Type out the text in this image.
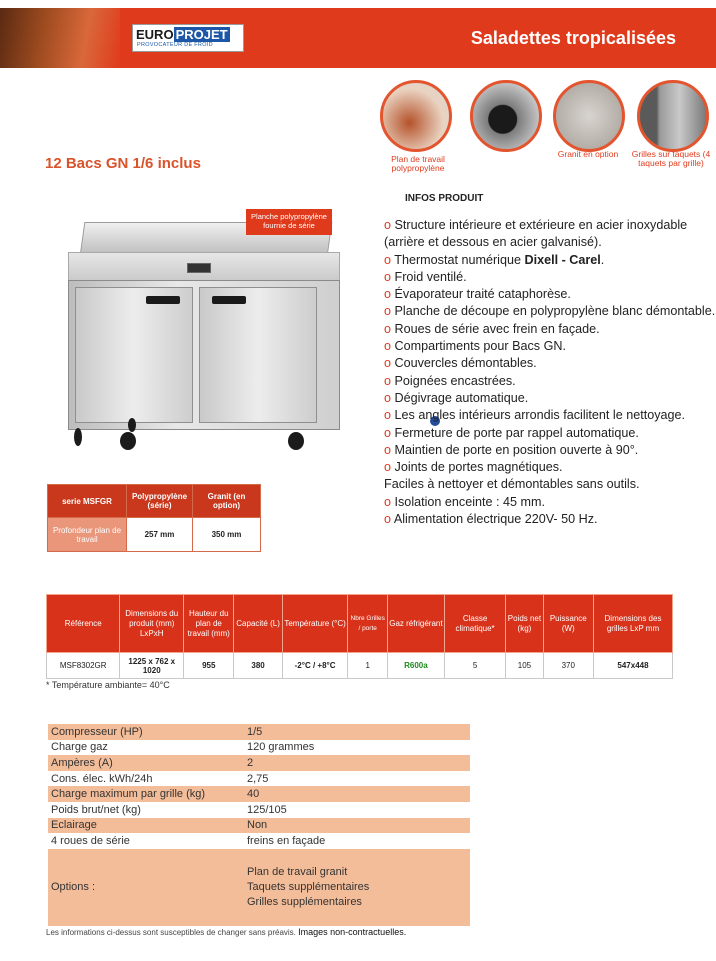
EURO PROJET
PROVOCATEUR DE FROID	Saladettes tropicalisées
Plan de travail polypropylène
Granit en option	Grilles sur taquets (4 taquets par grille)
12 Bacs GN 1/6 inclus
Planche polypropylène fournie de série
INFOS PRODUIT
o Structure intérieure et extérieure en acier inoxydable (arrière et dessous en acier galvanisé).
o Thermostat numérique Dixell - Carel.
o Froid ventilé.
o Évaporateur traité cataphorèse.
o Planche de découpe en polypropylène blanc démontable.
o Roues de série avec frein en façade.
o Compartiments pour Bacs GN.
o Couvercles démontables.
o Poignées encastrées.
o Dégivrage automatique.
o Les angles intérieurs arrondis facilitent le nettoyage.
o Fermeture de porte par rappel automatique.
o Maintien de porte en position ouverte à 90°.
o Joints de portes magnétiques.
Faciles à nettoyer et démontables sans outils.
o Isolation enceinte : 45 mm.
o Alimentation électrique 220V- 50 Hz.
serie MSFGR	Polypropylène (série)	Granit (en option)
Profondeur plan de travail	257 mm	350 mm
Référence	Dimensions du produit (mm) LxPxH	Hauteur du plan de travail (mm)	Capacité (L)	Température (°C)	Nbre Grilles / porte	Gaz réfrigérant	Classe climatique*	Poids net (kg)	Puissance (W)	Dimensions des grilles LxP mm
MSF8302GR	1225 x 762 x 1020	955	380	-2°C / +8°C	1	R600a	5	105	370	547x448
* Température ambiante= 40°C
Compresseur (HP)	1/5
Charge gaz	120 grammes
Ampères (A)	2
Cons. élec. kWh/24h	2,75
Charge maximum par grille (kg)	40
Poids brut/net (kg)	125/105
Eclairage	Non
4 roues de série	freins en façade
Options :	Plan de travail granit
Taquets supplémentaires
Grilles supplémentaires
Les informations ci-dessus sont susceptibles de changer sans préavis. Images non-contractuelles.
